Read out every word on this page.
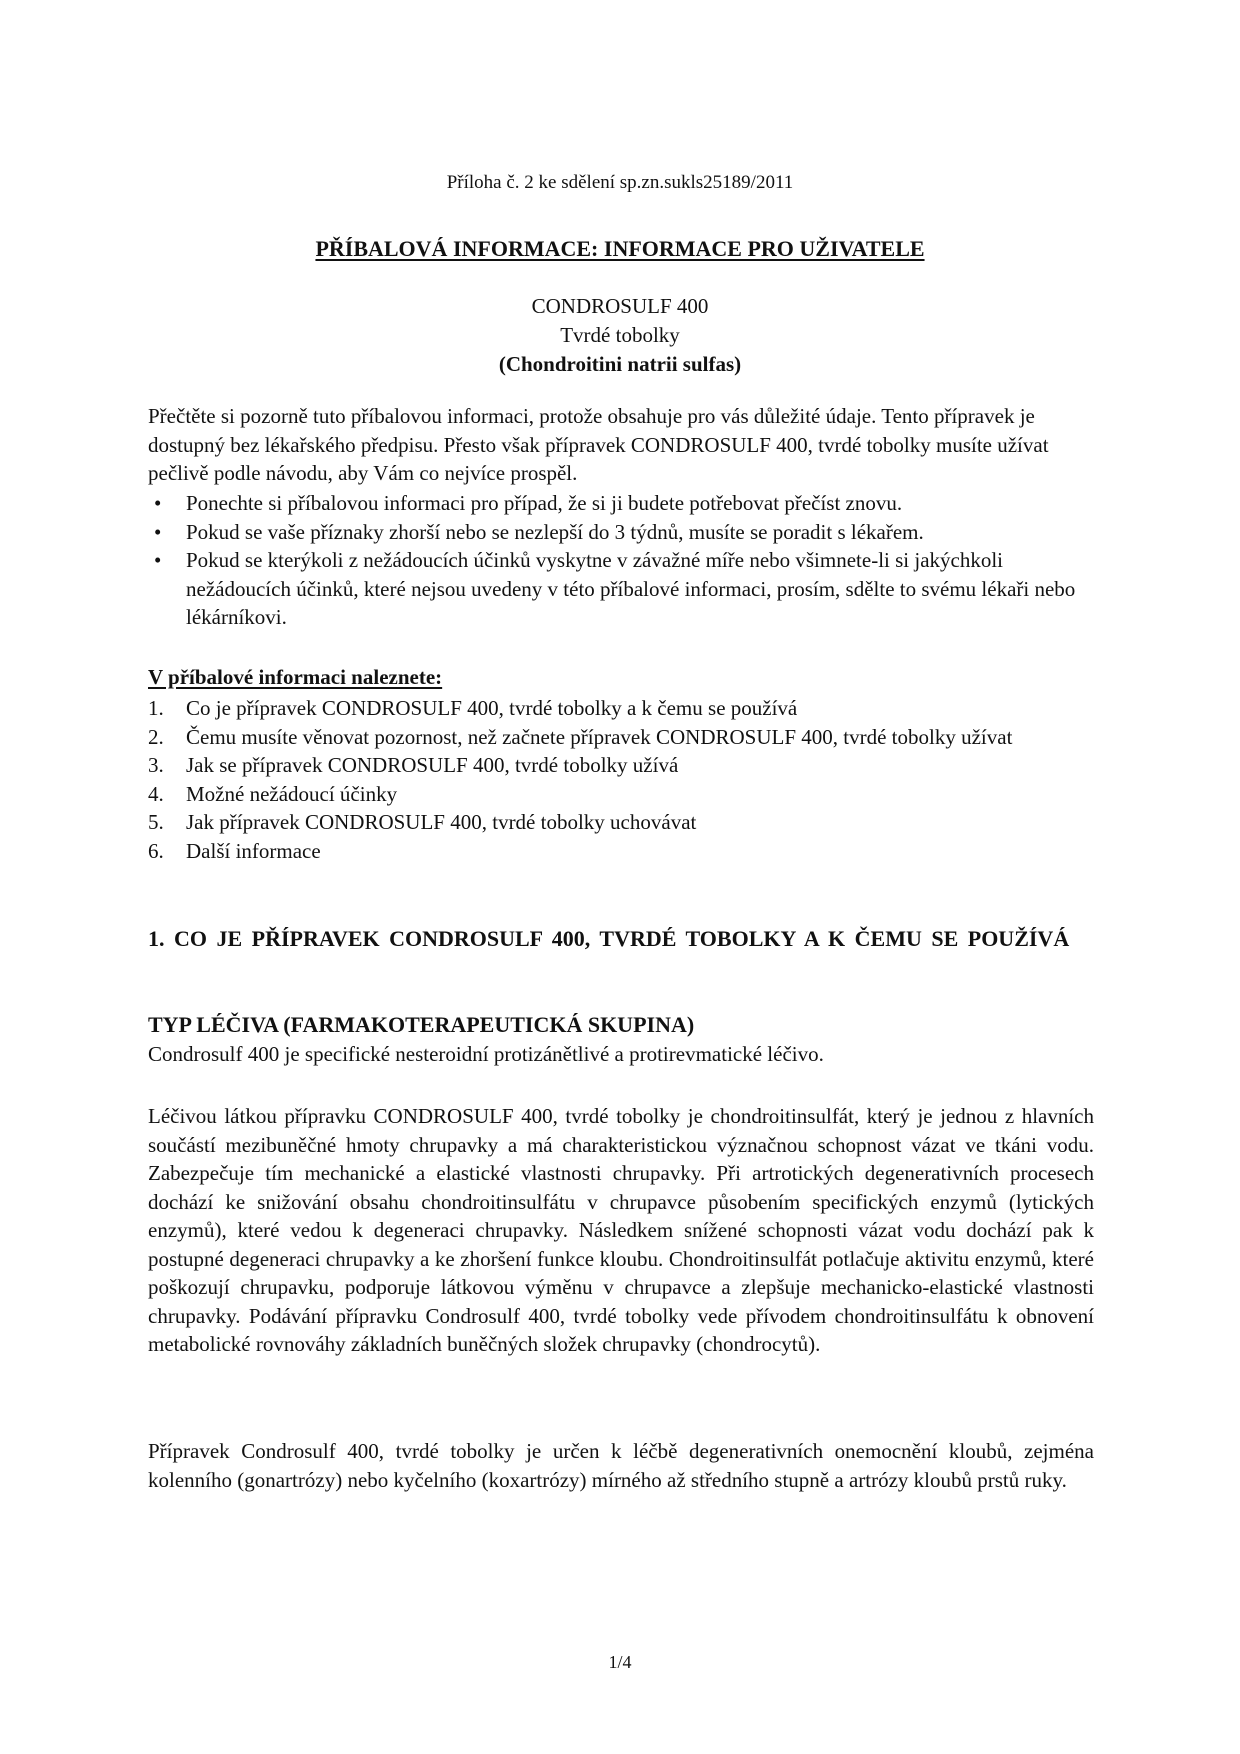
Příloha č. 2 ke sdělení sp.zn.sukls25189/2011
PŘÍBALOVÁ INFORMACE: INFORMACE PRO UŽIVATELE
CONDROSULF 400
Tvrdé tobolky
(Chondroitini natrii sulfas)
Přečtěte si pozorně tuto příbalovou informaci, protože obsahuje pro vás důležité údaje. Tento přípravek je dostupný bez lékařského předpisu. Přesto však přípravek CONDROSULF 400, tvrdé tobolky musíte užívat pečlivě podle návodu, aby Vám co nejvíce prospěl.
• Ponechte si příbalovou informaci pro případ, že si ji budete potřebovat přečíst znovu.
• Pokud se vaše příznaky zhorší nebo se nezlepší do 3 týdnů, musíte se poradit s lékařem.
• Pokud se kterýkoli z nežádoucích účinků vyskytne v závažné míře nebo všimnete-li si jakýchkoli nežádoucích účinků, které nejsou uvedeny v této příbalové informaci, prosím, sdělte to svému lékaři nebo lékárníkovi.
V příbalové informaci naleznete:
1. Co je přípravek CONDROSULF 400, tvrdé tobolky a k čemu se používá
2. Čemu musíte věnovat pozornost, než začnete přípravek CONDROSULF 400, tvrdé tobolky užívat
3. Jak se přípravek CONDROSULF 400, tvrdé tobolky užívá
4. Možné nežádoucí účinky
5. Jak přípravek CONDROSULF 400, tvrdé tobolky uchovávat
6. Další informace
1. CO JE PŘÍPRAVEK CONDROSULF 400, TVRDÉ TOBOLKY A K ČEMU SE POUŽÍVÁ
TYP LÉČIVA (FARMAKOTERAPEUTICKÁ SKUPINA)
Condrosulf 400 je specifické nesteroidní protizánětlivé a protirevmatické léčivo.
Léčivou látkou přípravku CONDROSULF 400, tvrdé tobolky je chondroitinsulfát, který je jednou z hlavních součástí mezibuněčné hmoty chrupavky a má charakteristickou význačnou schopnost vázat ve tkáni vodu. Zabezpečuje tím mechanické a elastické vlastnosti chrupavky. Při artrotických degenerativních procesech dochází ke snižování obsahu chondroitinsulfátu v chrupavce působením specifických enzymů (lytických enzymů), které vedou k degeneraci chrupavky. Následkem snížené schopnosti vázat vodu dochází pak k postupné degeneraci chrupavky a ke zhoršení funkce kloubu. Chondroitinsulfát potlačuje aktivitu enzymů, které poškozují chrupavku, podporuje látkovou výměnu v chrupavce a zlepšuje mechanicko-elastické vlastnosti chrupavky. Podávání přípravku Condrosulf 400, tvrdé tobolky vede přívodem chondroitinsulfátu k obnovení metabolické rovnováhy základních buněčných složek chrupavky (chondrocytů).
Přípravek Condrosulf 400, tvrdé tobolky je určen k léčbě degenerativních onemocnění kloubů, zejména kolenního (gonartrózy) nebo kyčelního (koxartrózy) mírného až středního stupně a artrózy kloubů prstů ruky.
1/4
